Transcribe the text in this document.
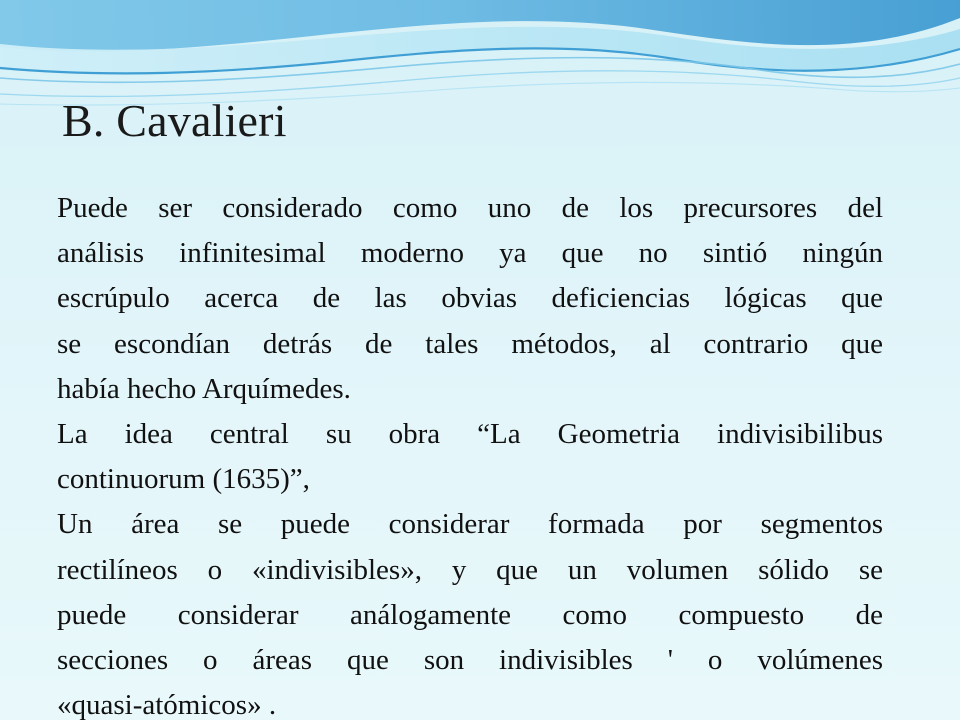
B. Cavalieri

Puede ser considerado como uno de los precursores del
análisis infinitesimal moderno ya que no sintió ningún
escrúpulo acerca de las obvias deficiencias lógicas que
se escondían detrás de tales métodos, al contrario que
había hecho Arquímedes.

La idea central su obra “La Geometria indivisibilibus
continuorum (1635)”,

Un área se puede considerar formada por segmentos
rectilíneos o «indivisibles», y que un volumen sólido se
puede considerar análogamente como compuesto de
secciones o áreas que son indivisibles ' o volúmenes
«quasi-atómicos» .
